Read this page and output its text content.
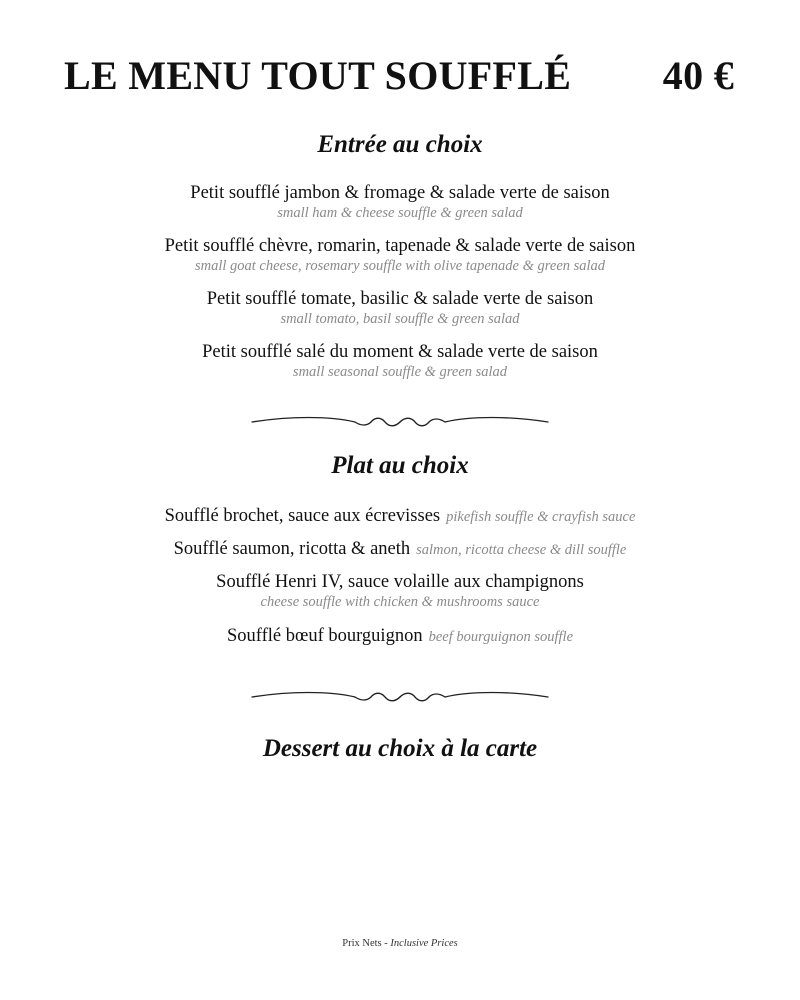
LE MENU TOUT SOUFFLÉ 40 €
Entrée au choix
Petit soufflé jambon & fromage & salade verte de saison
small ham & cheese souffle & green salad
Petit soufflé chèvre, romarin, tapenade & salade verte de saison
small goat cheese, rosemary souffle with olive tapenade & green salad
Petit soufflé tomate, basilic & salade verte de saison
small tomato, basil souffle & green salad
Petit soufflé salé du moment & salade verte de saison
small seasonal souffle & green salad
Plat au choix
Soufflé brochet, sauce aux écrevisses pikefish souffle & crayfish sauce
Soufflé saumon, ricotta & aneth salmon, ricotta cheese & dill souffle
Soufflé Henri IV, sauce volaille aux champignons
cheese souffle with chicken & mushrooms sauce
Soufflé bœuf bourguignon beef bourguignon souffle
Dessert au choix à la carte
Prix Nets - Inclusive Prices
